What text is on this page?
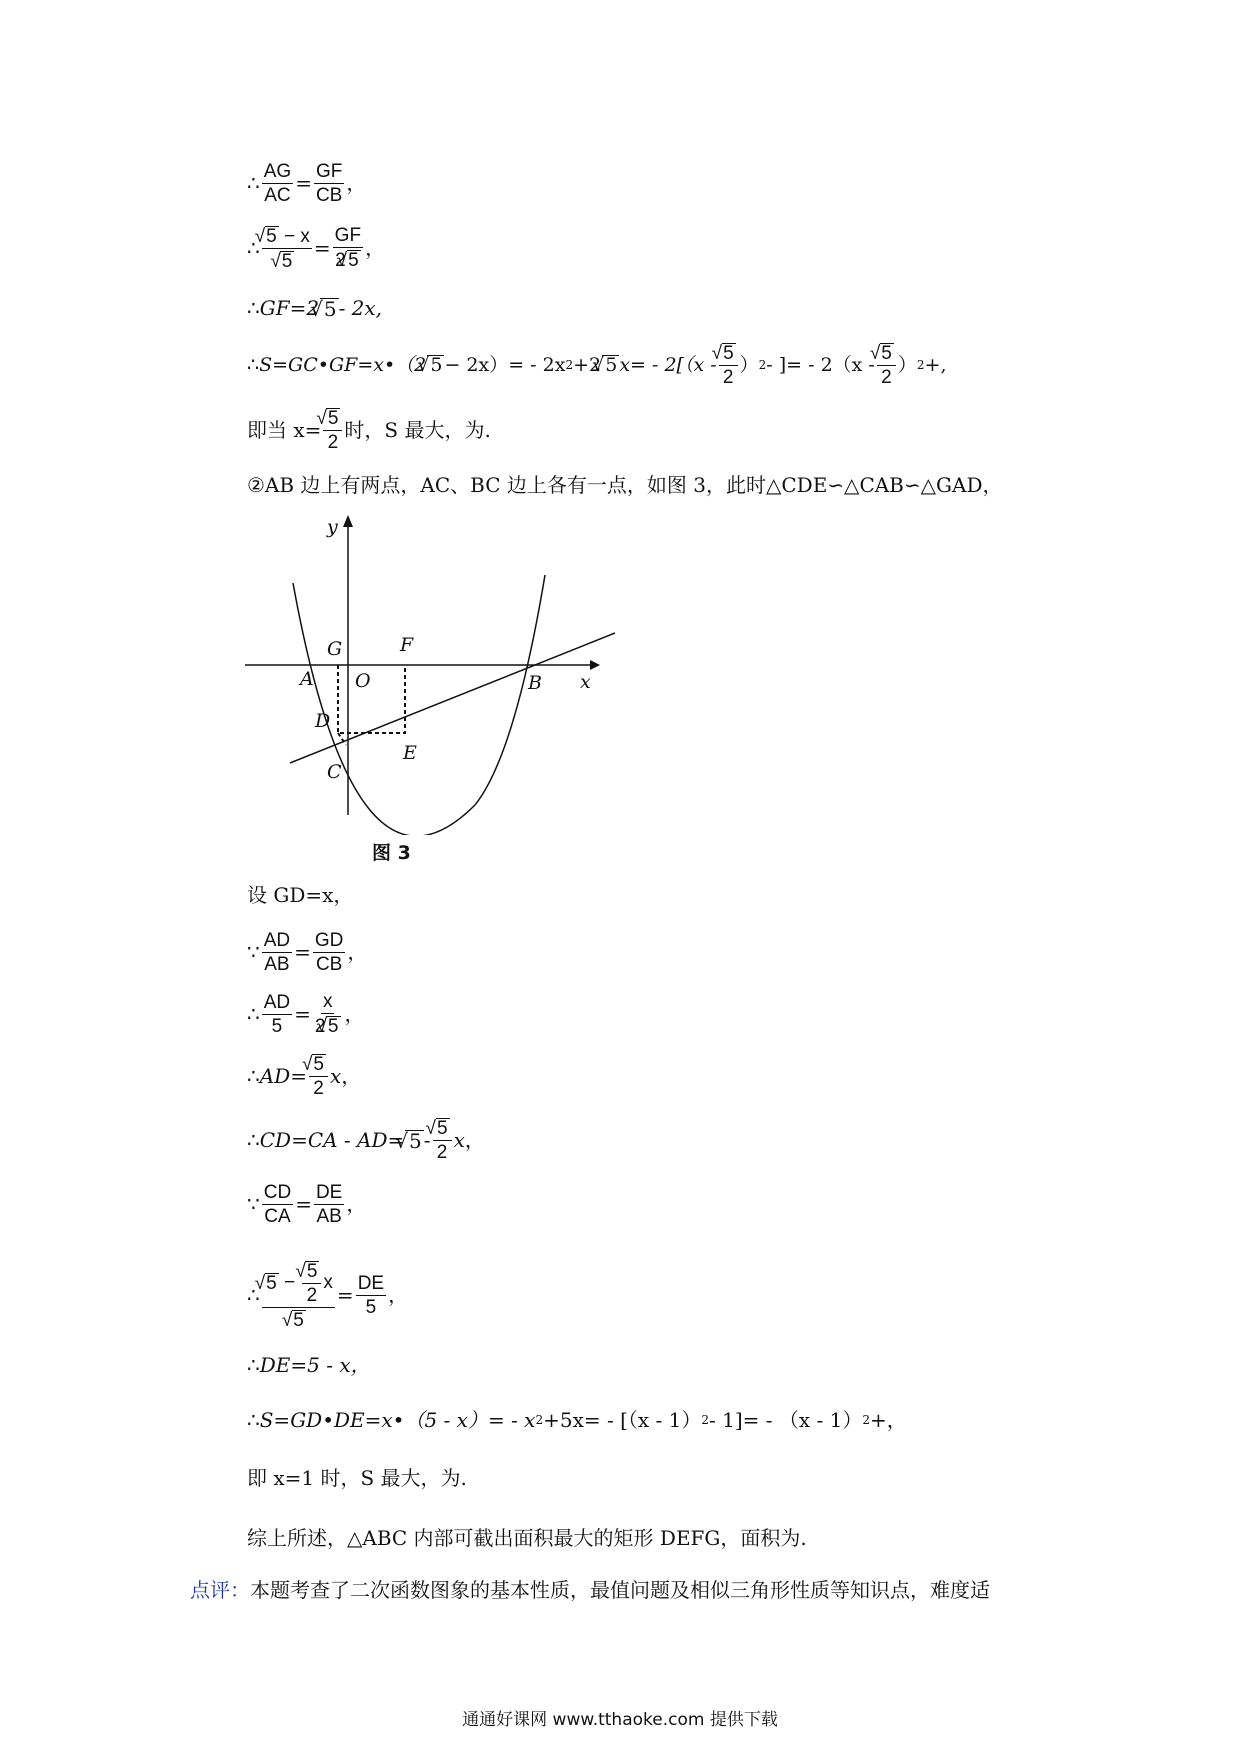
∴ $\frac{AG}{AC} = \frac{GF}{CB}$ ，
∴ √ 5 − x
√ $5 = \frac{GF}{2 √ 5}$ ，
∴ GF=2 √ 5 - 2x,
∴ S=GC•GF=x•（2 √ 5 − 2x）= - 2x 2 +2 √ 5 x= - 2[（x - √ $\frac{5}{2}$ ） 2 - ]= - 2（x - √ $\frac{5}{2}$ ） 2 +,
即当 x= √ $\frac{5}{2}$ 时，S 最大，为.
②AB 边上有两点，AC、BC 边上各有一点，如图 3，此时△CDE∽△CAB∽△GAD，
y
x
G	F
A O	B
D
E
C
图 3
设 GD=x，
∵ $\frac{AD}{AB} = \frac{GD}{CB}$ ，
∴ $\frac{AD}{5} = \frac{x}{2 √ 5}$ ，
∴ AD= √ $\frac{5}{2}$ x ，
∴ CD=CA - AD= √ 5 - √ $\frac{5}{2}$ x ，
∵ $\frac{CD}{CA} = \frac{DE}{AB}$ ，
∴ √ 5 − √ $\frac{5}{2}$ x
√ $5 = \frac{DE}{5}$ ，
∴ DE=5 - x，
∴ S=GD•DE=x•（5 - x）= - x 2 +5x= - [（x - 1） 2 - 1]= - （x - 1） 2 +，
即 x=1 时，S 最大，为.
综上所述，△ABC 内部可截出面积最大的矩形 DEFG，面积为.
点评： 本题考查了二次函数图象的基本性质，最值问题及相似三角形性质等知识点，难度适
通通好课网 www.tthaoke.com 提供下载
